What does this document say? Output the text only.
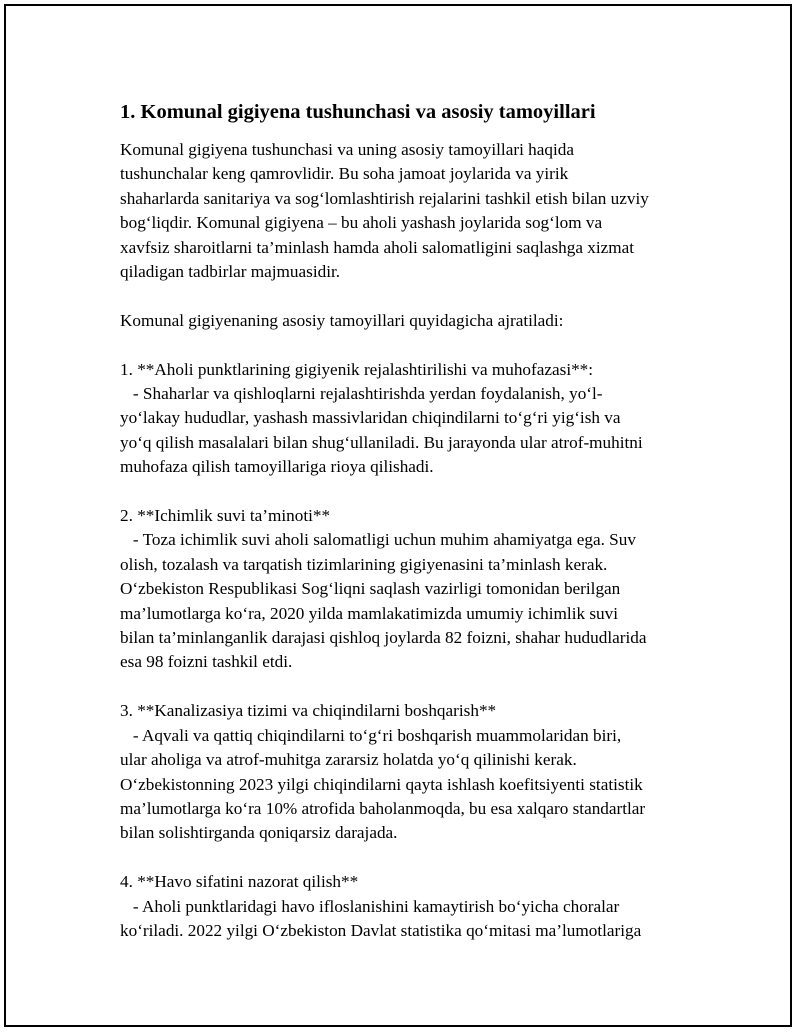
1. Komunal gigiyena tushunchasi va asosiy tamoyillari
Komunal gigiyena tushunchasi va uning asosiy tamoyillari haqida
tushunchalar keng qamrovlidir. Bu soha jamoat joylarida va yirik
shaharlarda sanitariya va sog‘lomlashtirish rejalarini tashkil etish bilan uzviy
bog‘liqdir. Komunal gigiyena – bu aholi yashash joylarida sog‘lom va
xavfsiz sharoitlarni ta’minlash hamda aholi salomatligini saqlashga xizmat
qiladigan tadbirlar majmuasidir.
Komunal gigiyenaning asosiy tamoyillari quyidagicha ajratiladi:
1. **Aholi punktlarining gigiyenik rejalashtirilishi va muhofazasi**:
- Shaharlar va qishloqlarni rejalashtirishda yerdan foydalanish, yo‘l-
yo‘lakay hududlar, yashash massivlaridan chiqindilarni to‘g‘ri yig‘ish va
yo‘q qilish masalalari bilan shug‘ullaniladi. Bu jarayonda ular atrof-muhitni
muhofaza qilish tamoyillariga rioya qilishadi.
2. **Ichimlik suvi ta’minoti**
- Toza ichimlik suvi aholi salomatligi uchun muhim ahamiyatga ega. Suv
olish, tozalash va tarqatish tizimlarining gigiyenasini ta’minlash kerak.
O‘zbekiston Respublikasi Sog‘liqni saqlash vazirligi tomonidan berilgan
ma’lumotlarga ko‘ra, 2020 yilda mamlakatimizda umumiy ichimlik suvi
bilan ta’minlanganlik darajasi qishloq joylarda 82 foizni, shahar hududlarida
esa 98 foizni tashkil etdi.
3. **Kanalizasiya tizimi va chiqindilarni boshqarish**
- Aqvali va qattiq chiqindilarni to‘g‘ri boshqarish muammolaridan biri,
ular aholiga va atrof-muhitga zararsiz holatda yo‘q qilinishi kerak.
O‘zbekistonning 2023 yilgi chiqindilarni qayta ishlash koefitsiyenti statistik
ma’lumotlarga ko‘ra 10% atrofida baholanmoqda, bu esa xalqaro standartlar
bilan solishtirganda qoniqarsiz darajada.
4. **Havo sifatini nazorat qilish**
- Aholi punktlaridagi havo ifloslanishini kamaytirish bo‘yicha choralar
ko‘riladi. 2022 yilgi O‘zbekiston Davlat statistika qo‘mitasi ma’lumotlariga
